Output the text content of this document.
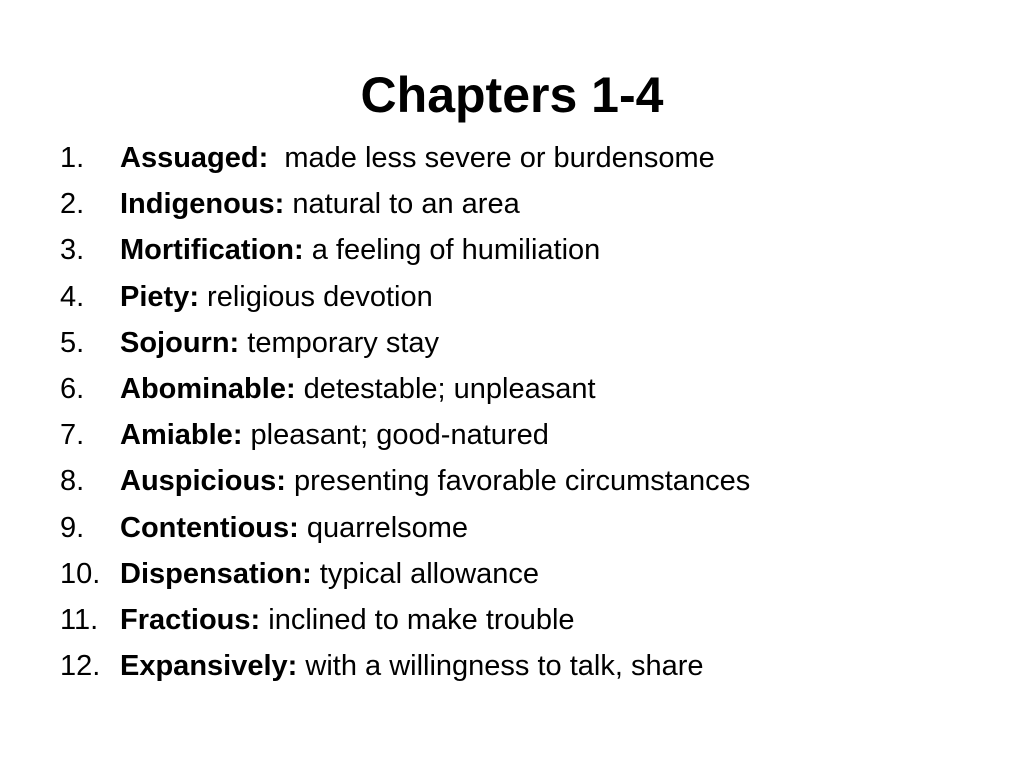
Chapters 1-4
1.	Assuaged:  made less severe or burdensome
2.	Indigenous: natural to an area
3.	Mortification: a feeling of humiliation
4.	Piety: religious devotion
5.	Sojourn: temporary stay
6.	Abominable: detestable; unpleasant
7.	Amiable: pleasant; good-natured
8.	Auspicious: presenting favorable circumstances
9.	Contentious: quarrelsome
10. Dispensation: typical allowance
11. Fractious: inclined to make trouble
12. Expansively: with a willingness to talk, share
